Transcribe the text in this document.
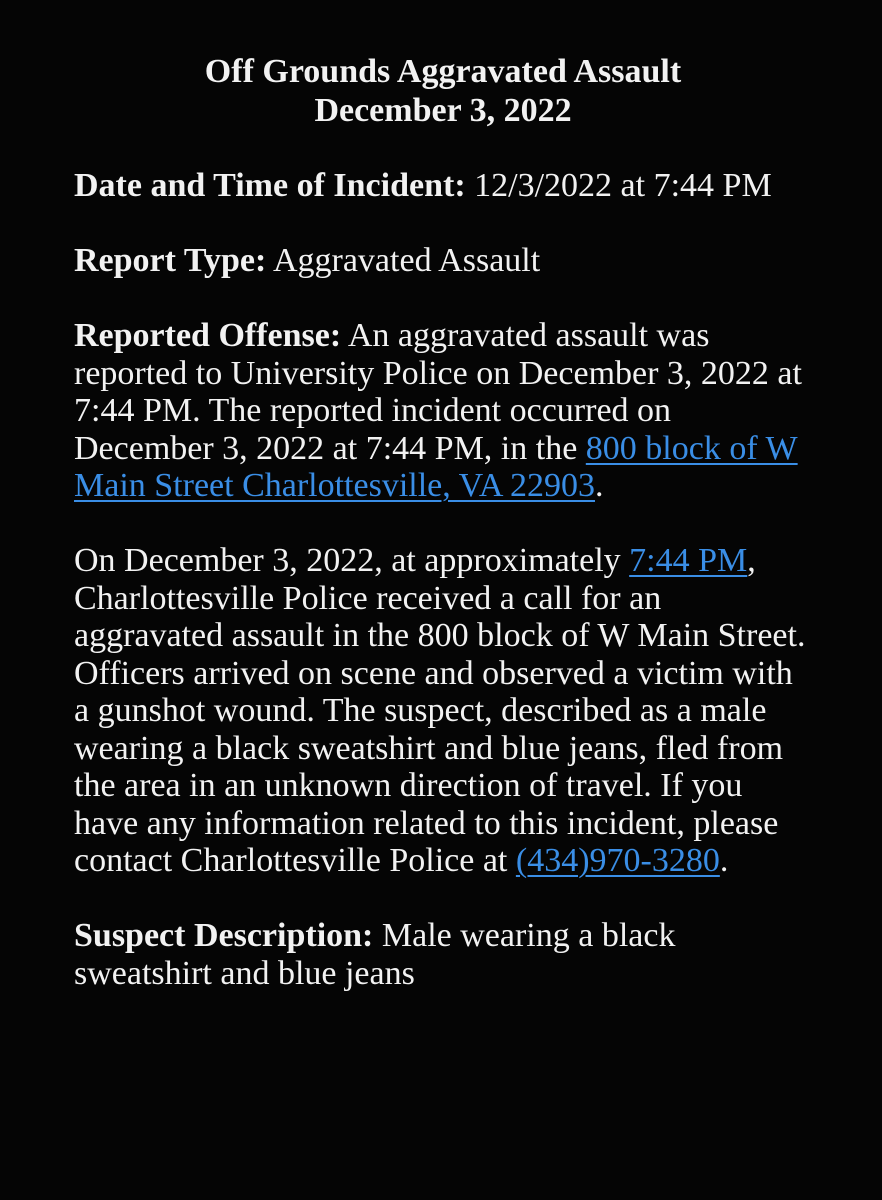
Off Grounds Aggravated Assault
December 3, 2022

Date and Time of Incident: 12/3/2022 at 7:44 PM

Report Type: Aggravated Assault

Reported Offense: An aggravated assault was reported to University Police on December 3, 2022 at 7:44 PM. The reported incident occurred on December 3, 2022 at 7:44 PM, in the 800 block of W Main Street Charlottesville, VA 22903.

On December 3, 2022, at approximately 7:44 PM, Charlottesville Police received a call for an aggravated assault in the 800 block of W Main Street. Officers arrived on scene and observed a victim with a gunshot wound. The suspect, described as a male wearing a black sweatshirt and blue jeans, fled from the area in an unknown direction of travel. If you have any information related to this incident, please contact Charlottesville Police at (434)970-3280.

Suspect Description: Male wearing a black sweatshirt and blue jeans
